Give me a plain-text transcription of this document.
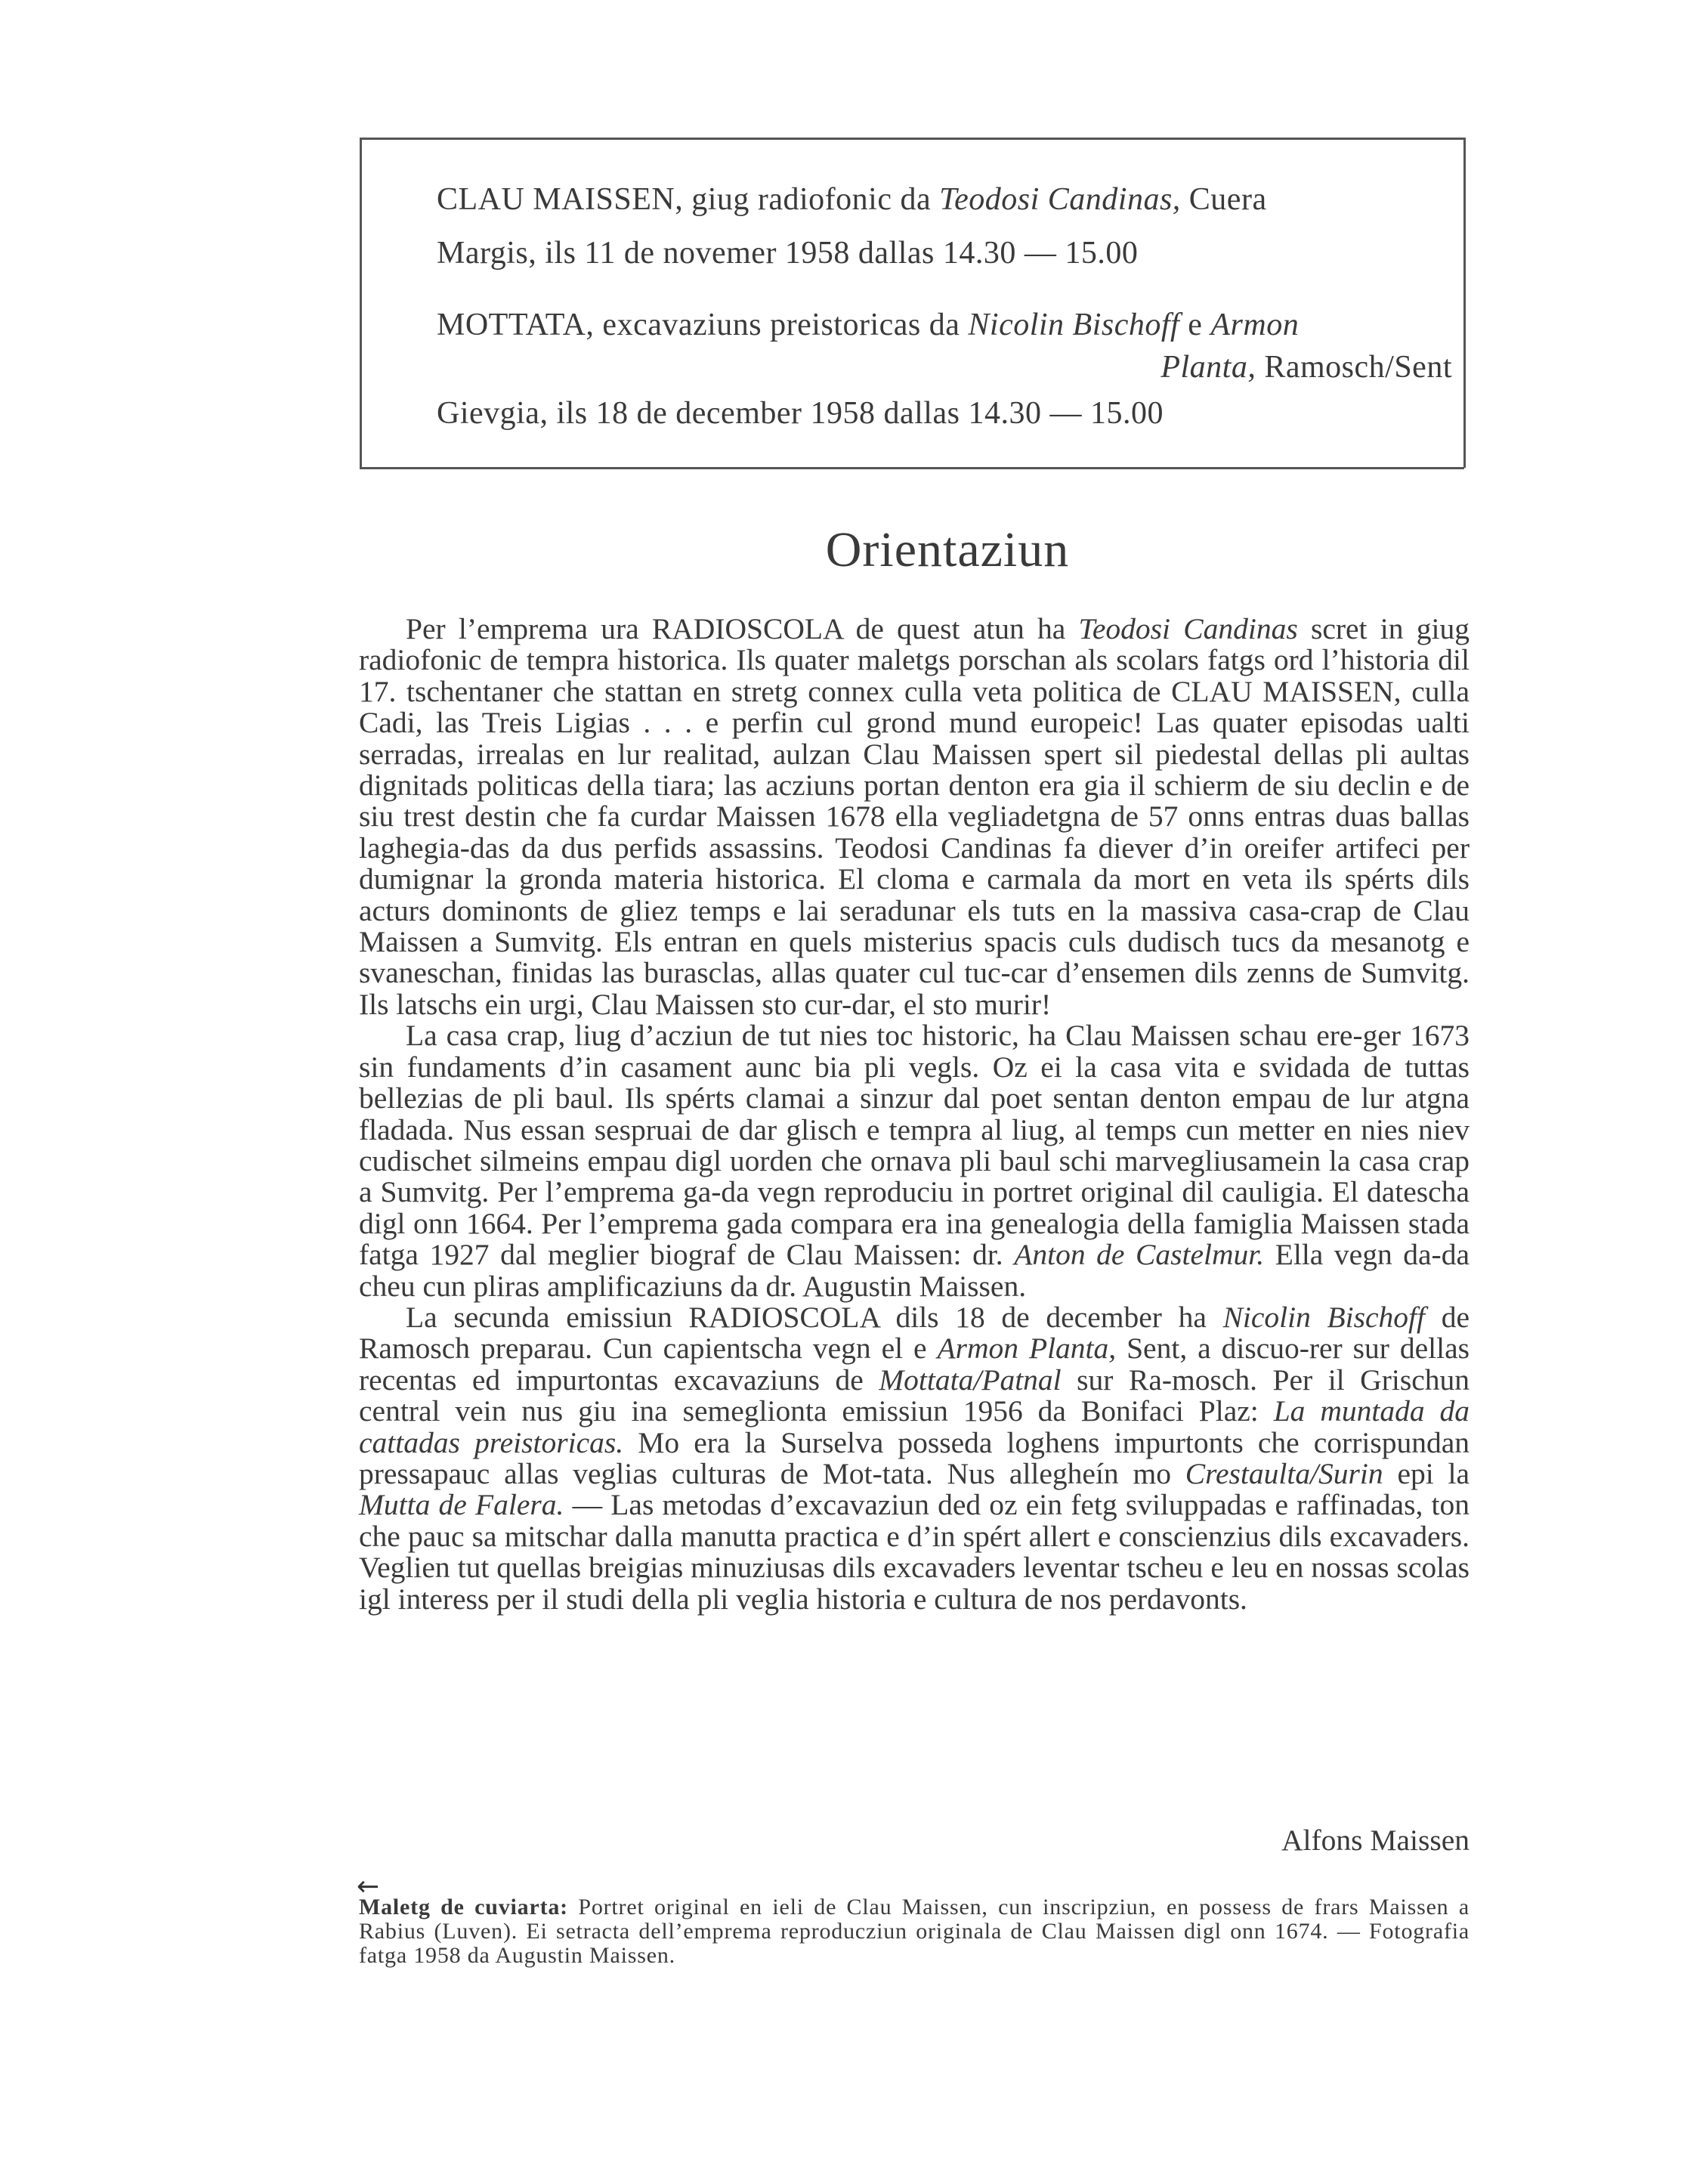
CLAU MAISSEN, giug radiofonic da Teodosi Candinas, Cuera
Margis, ils 11 de novemer 1958 dallas 14.30 — 15.00
MOTTATA, excavaziuns preistoricas da Nicolin Bischoff e Armon
Planta, Ramosch/Sent
Gievgia, ils 18 de december 1958 dallas 14.30 — 15.00
Orientaziun

Per l’emprema ura RADIOSCOLA de quest atun ha Teodosi Candinas scret in giug radiofonic de tempra historica. Ils quater maletgs porschan als scolars fatgs ord l’historia dil 17. tschentaner che stattan en stretg connex culla veta politica de CLAU MAISSEN, culla Cadi, las Treis Ligias . . . e perfin cul grond mund europeic! Las quater episodas ualti serradas, irrealas en lur realitad, aulzan Clau Maissen spert sil piedestal dellas pli aultas dignitads politicas della tiara; las acziuns portan denton era gia il schierm de siu declin e de siu trest destin che fa curdar Maissen 1678 ella vegliadetgna de 57 onns entras duas ballas laghegia-das da dus perfids assassins. Teodosi Candinas fa diever d’in oreifer artifeci per dumignar la gronda materia historica. El cloma e carmala da mort en veta ils spérts dils acturs dominonts de gliez temps e lai seradunar els tuts en la massiva casa-crap de Clau Maissen a Sumvitg. Els entran en quels misterius spacis culs dudisch tucs da mesanotg e svaneschan, finidas las burasclas, allas quater cul tuc-car d’ensemen dils zenns de Sumvitg. Ils latschs ein urgi, Clau Maissen sto cur-dar, el sto murir!

La casa crap, liug d’acziun de tut nies toc historic, ha Clau Maissen schau ere-ger 1673 sin fundaments d’in casament aunc bia pli vegls. Oz ei la casa vita e svidada de tuttas bellezias de pli baul. Ils spérts clamai a sinzur dal poet sentan denton empau de lur atgna fladada. Nus essan sespruai de dar glisch e tempra al liug, al temps cun metter en nies niev cudischet silmeins empau digl uorden che ornava pli baul schi marvegliusamein la casa crap a Sumvitg. Per l’emprema ga-da vegn reproduciu in portret original dil cauligia. El datescha digl onn 1664. Per l’emprema gada compara era ina genealogia della famiglia Maissen stada fatga 1927 dal meglier biograf de Clau Maissen: dr. Anton de Castelmur. Ella vegn da-da cheu cun pliras amplificaziuns da dr. Augustin Maissen.

La secunda emissiun RADIOSCOLA dils 18 de december ha Nicolin Bischoff de Ramosch preparau. Cun capientscha vegn el e Armon Planta, Sent, a discuo-rer sur dellas recentas ed impurtontas excavaziuns de Mottata/Patnal sur Ra-mosch. Per il Grischun central vein nus giu ina semeglionta emissiun 1956 da Bonifaci Plaz: La muntada da cattadas preistoricas. Mo era la Surselva posseda loghens impurtonts che corrispundan pressapauc allas veglias culturas de Mot-tata. Nus allegheín mo Crestaulta/Surin epi la Mutta de Falera. — Las metodas d’excavaziun ded oz ein fetg sviluppadas e raffinadas, ton che pauc sa mitschar dalla manutta practica e d’in spért allert e conscienzius dils excavaders. Veglien tut quellas breigias minuziusas dils excavaders leventar tscheu e leu en nossas scolas igl interess per il studi della pli veglia historia e cultura de nos perdavonts.

Alfons Maissen
←
Maletg de cuviarta: Portret original en ieli de Clau Maissen, cun inscripziun, en possess de frars Maissen a Rabius (Luven). Ei setracta dell’emprema reproducziun originala de Clau Maissen digl onn 1674. — Fotografia fatga 1958 da Augustin Maissen.
